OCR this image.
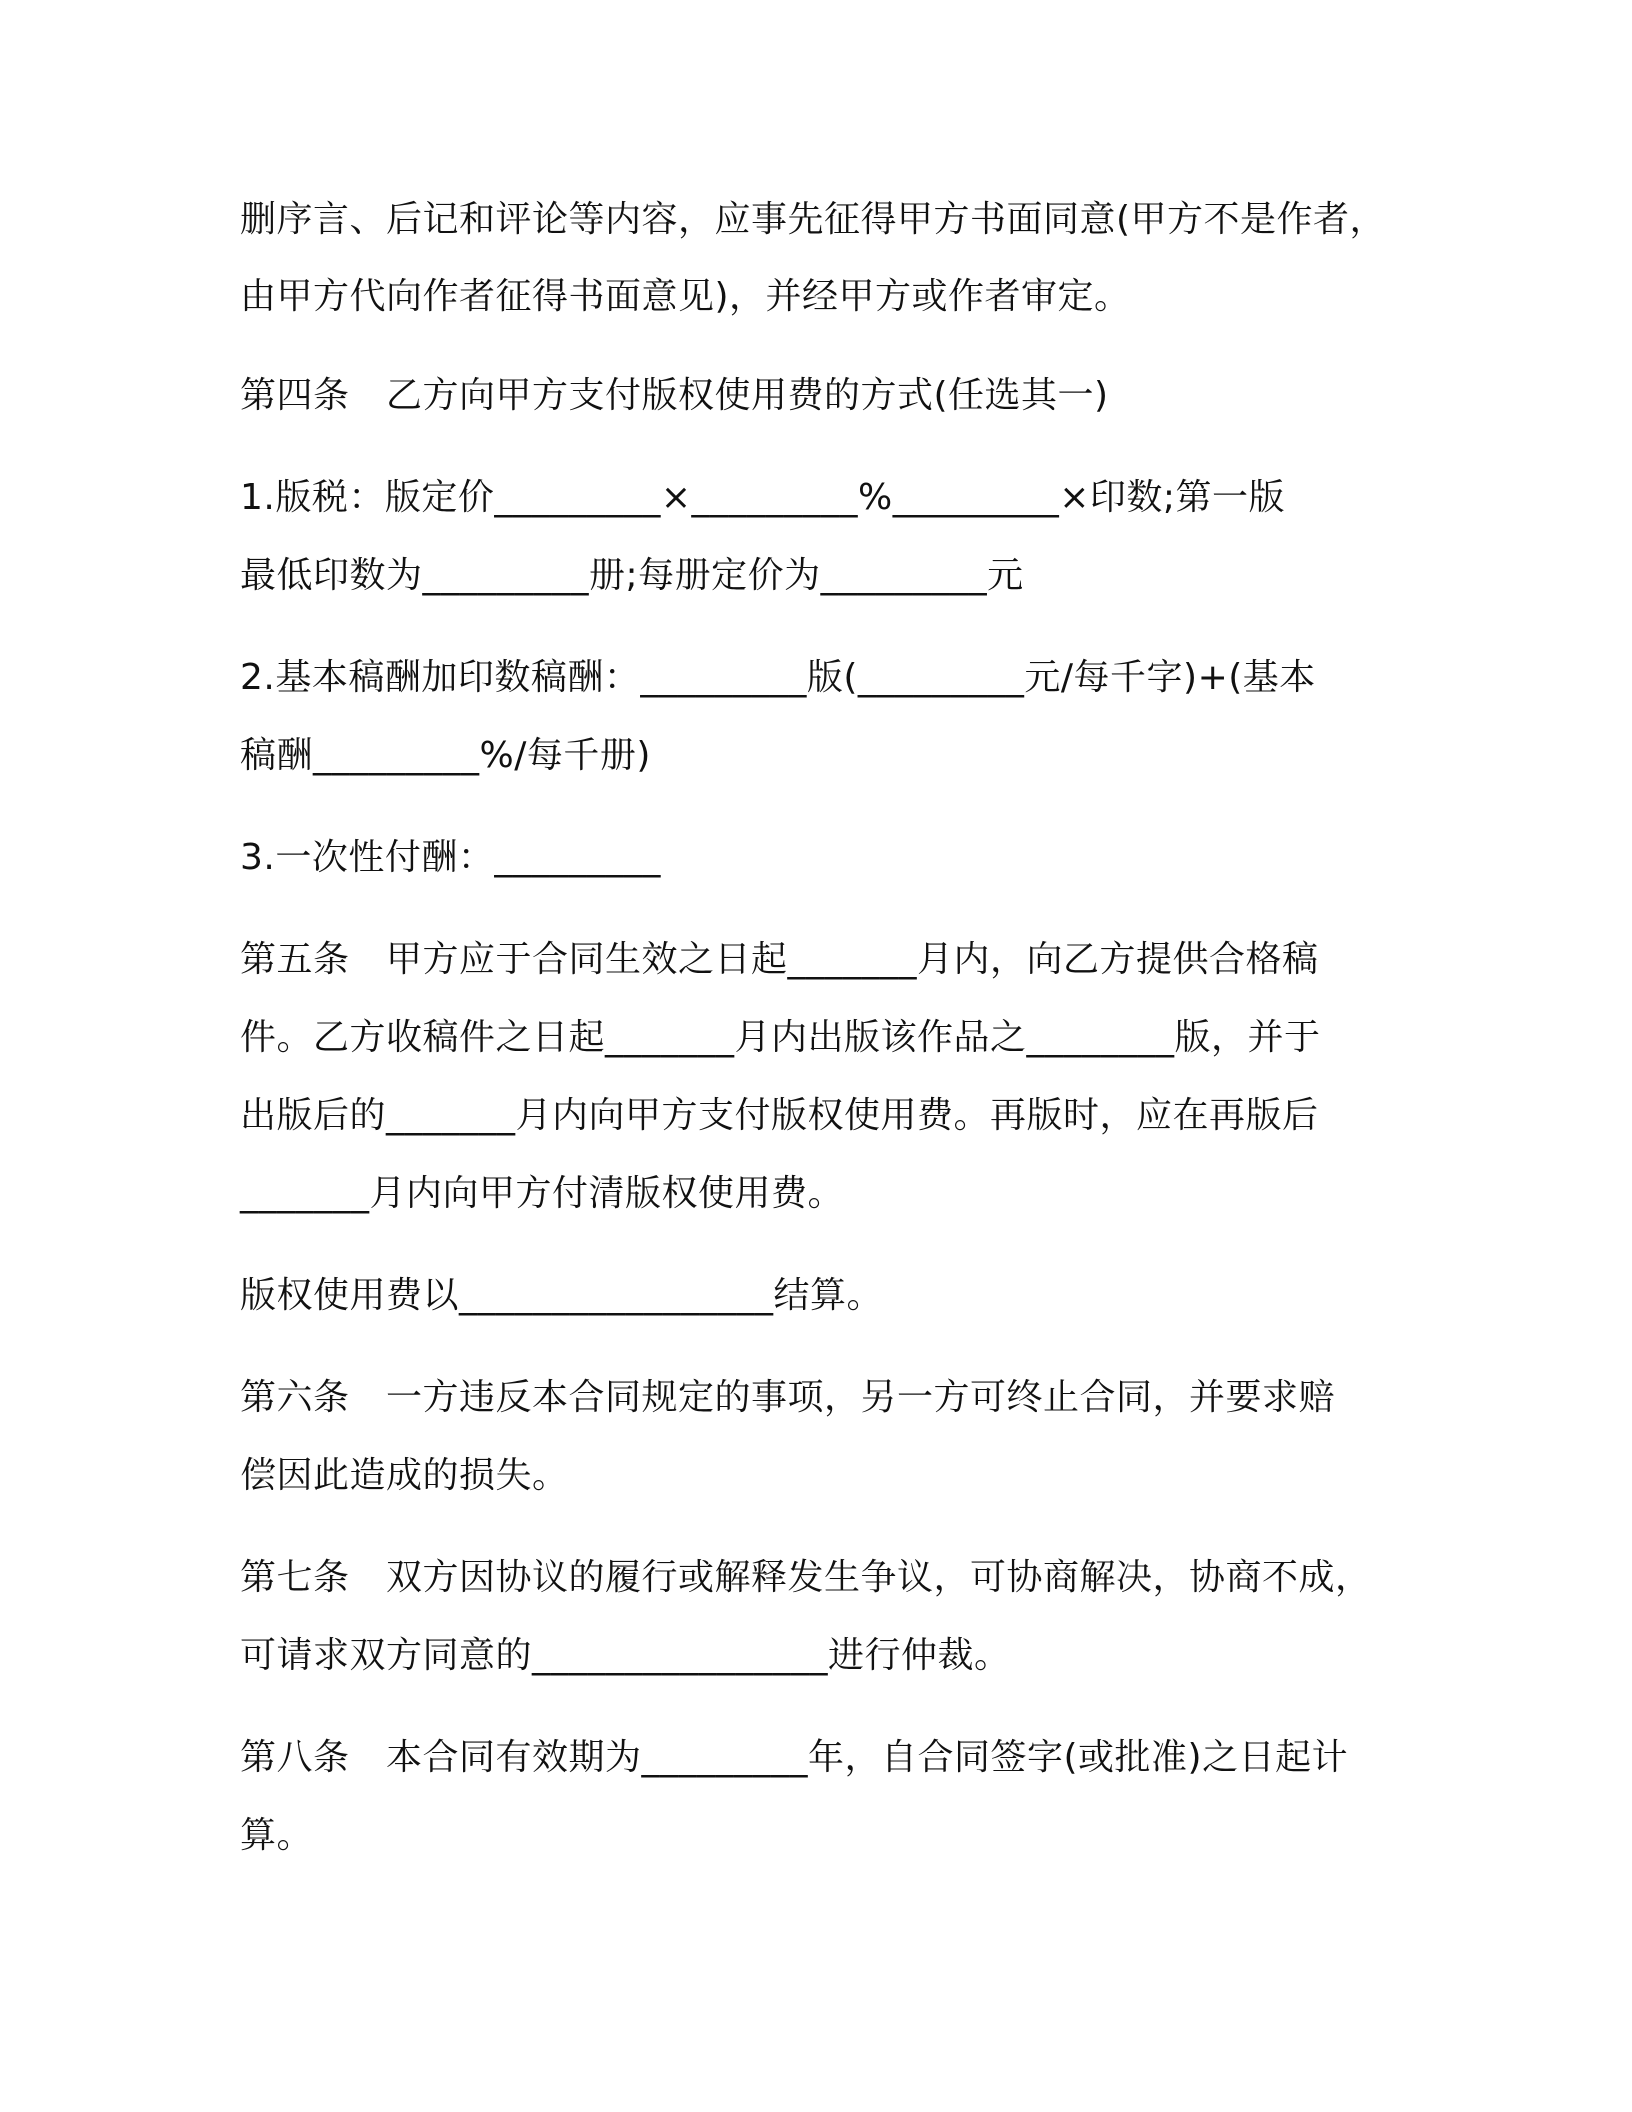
删序言、后记和评论等内容，应事先征得甲方书面同意(甲方不是作者，
由甲方代向作者征得书面意见)，并经甲方或作者审定。
第四条　乙方向甲方支付版权使用费的方式(任选其一)
1.版税：版定价_________×_________%_________×印数;第一版
最低印数为_________册;每册定价为_________元
2.基本稿酬加印数稿酬：_________版(_________元/每千字)+(基本
稿酬_________%/每千册)
3.一次性付酬：_________
第五条　甲方应于合同生效之日起_______月内，向乙方提供合格稿
件。乙方收稿件之日起_______月内出版该作品之________版，并于
出版后的_______月内向甲方支付版权使用费。再版时，应在再版后
_______月内向甲方付清版权使用费。
版权使用费以_________________结算。
第六条　一方违反本合同规定的事项，另一方可终止合同，并要求赔
偿因此造成的损失。
第七条　双方因协议的履行或解释发生争议，可协商解决，协商不成，
可请求双方同意的________________进行仲裁。
第八条　本合同有效期为_________年，自合同签字(或批准)之日起计
算。
